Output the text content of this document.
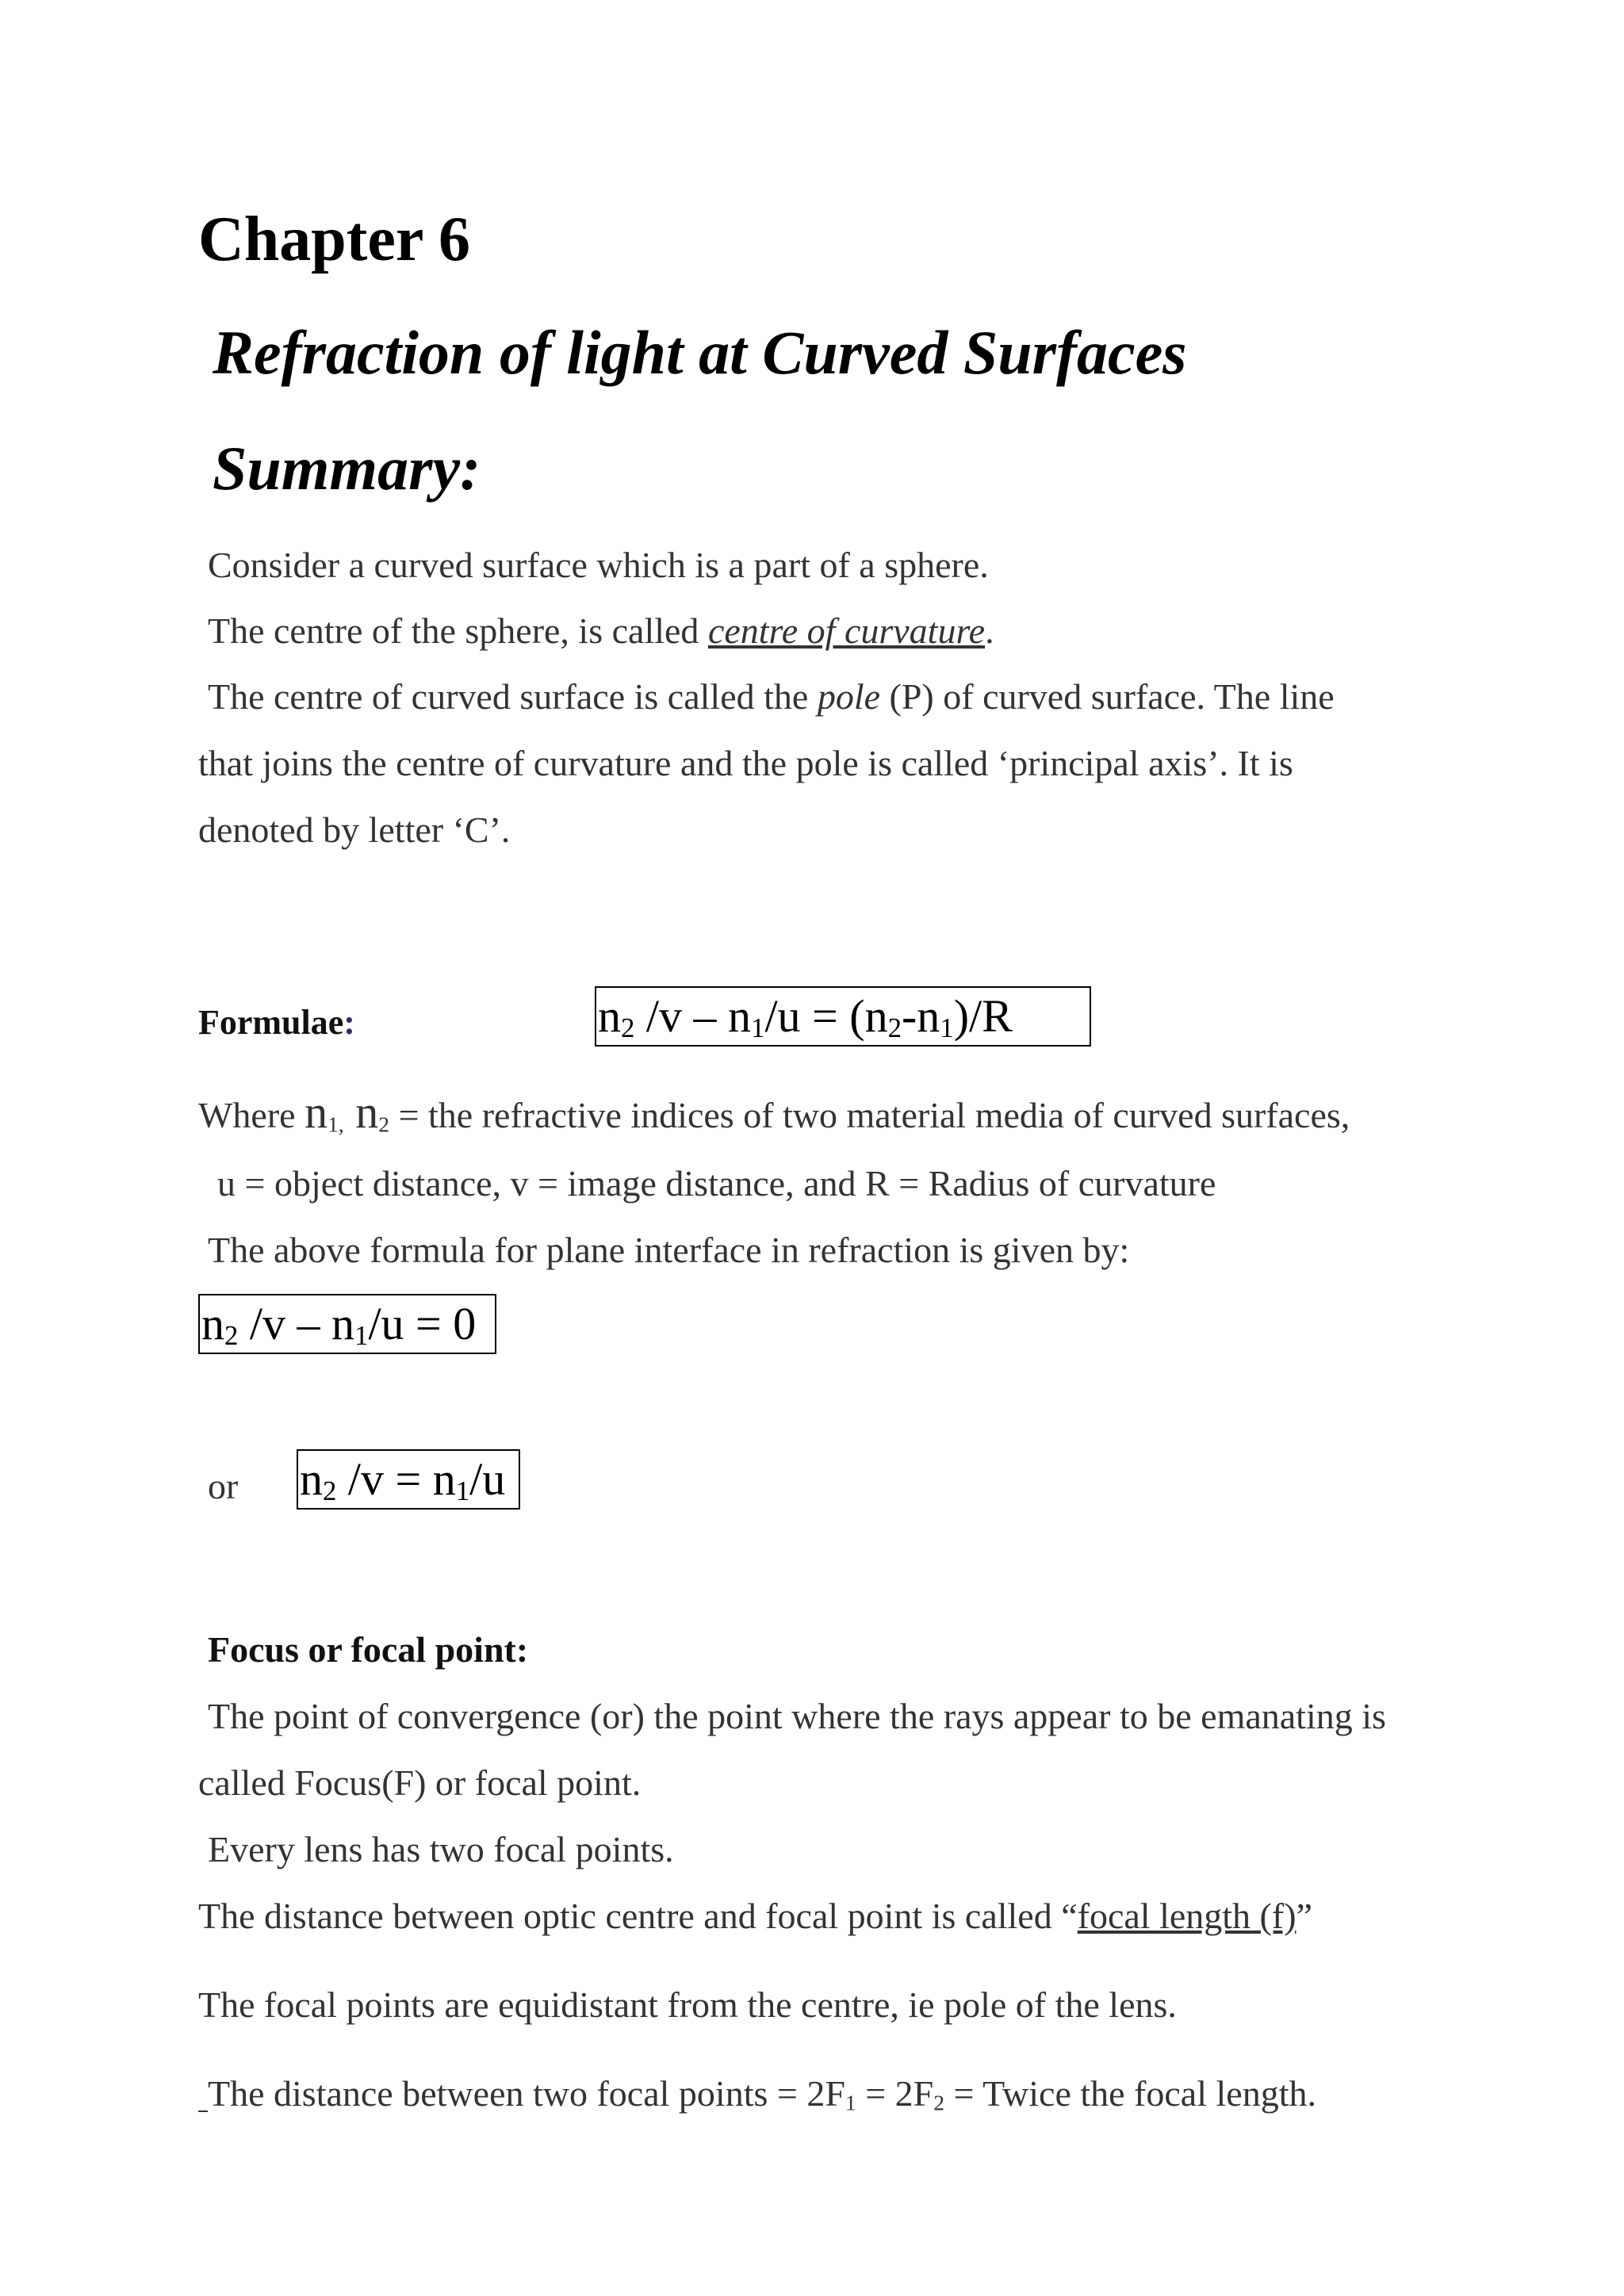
Chapter 6
Refraction of light at Curved Surfaces
Summary:
Consider a curved surface which is a part of a sphere.
The centre of the sphere, is called centre of curvature.
The centre of curved surface is called the pole (P) of curved surface. The line
that joins the centre of curvature and the pole is called ‘principal axis’. It is
denoted by letter ‘C’.
Formulae:	$n_2$ $/v - n_1/u = (n_2-n_1)/R$
Where n1, n2 = the refractive indices of two material media of curved surfaces,
u = object distance, v = image distance, and R = Radius of curvature
The above formula for plane interface in refraction is given by:
$n_2$ $/v - n_1/u = 0$
or $n_2$ $/v = n_1/u$
Focus or focal point:
The point of convergence (or) the point where the rays appear to be emanating is
called Focus(F) or focal point.
Every lens has two focal points.
The distance between optic centre and focal point is called “focal length (f)”
The focal points are equidistant from the centre, ie pole of the lens.
The distance between two focal points = 2F1 = 2F2 = Twice the focal length.
